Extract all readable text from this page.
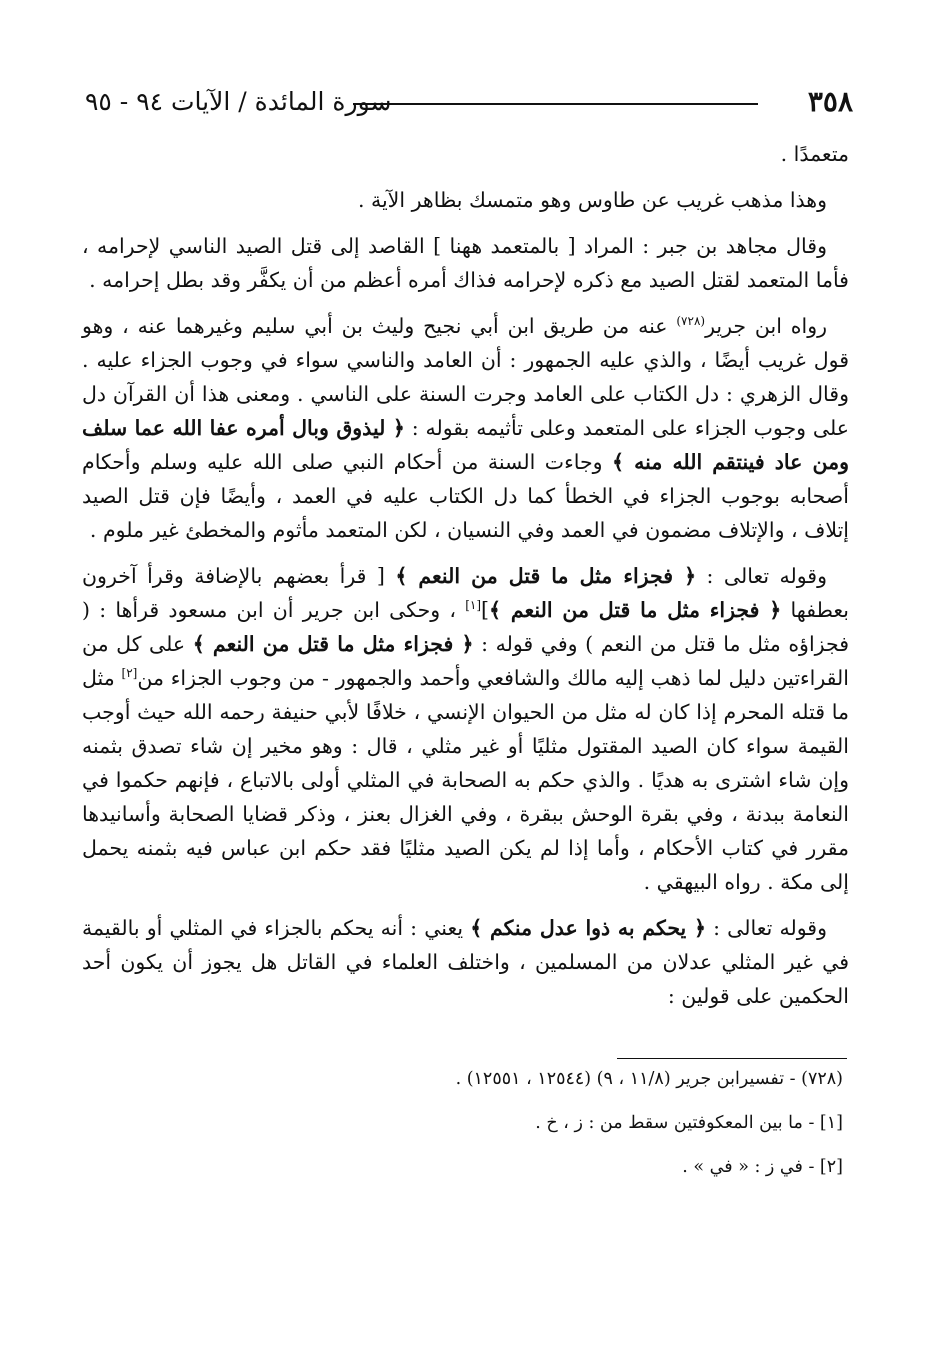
٣٥٨
سورة المائدة / الآيات ٩٤ - ٩٥

متعمدًا .

وهذا مذهب غريب عن طاوس وهو متمسك بظاهر الآية .

وقال مجاهد بن جبر : المراد [ بالمتعمد ههنا ] القاصد إلى قتل الصيد الناسي لإحرامه ، فأما المتعمد لقتل الصيد مع ذكره لإحرامه فذاك أمره أعظم من أن يكفَّر وقد بطل إحرامه .

رواه ابن جرير$^{(٧٢٨)}$ عنه من طريق ابن أبي نجيح وليث بن أبي سليم وغيرهما عنه ، وهو قول غريب أيضًا ، والذي عليه الجمهور : أن العامد والناسي سواء في وجوب الجزاء عليه . وقال الزهري : دل الكتاب على العامد وجرت السنة على الناسي . ومعنى هذا أن القرآن دل على وجوب الجزاء على المتعمد وعلى تأثيمه بقوله : ﴿ ليذوق وبال أمره عفا الله عما سلف ومن عاد فينتقم الله منه ﴾ وجاءت السنة من أحكام النبي صلى الله عليه وسلم وأحكام أصحابه بوجوب الجزاء في الخطأ كما دل الكتاب عليه في العمد ، وأيضًا فإن قتل الصيد إتلاف ، والإتلاف مضمون في العمد وفي النسيان ، لكن المتعمد مأثوم والمخطئ غير ملوم .

وقوله تعالى : ﴿ فجزاء مثل ما قتل من النعم ﴾ [ قرأ بعضهم بالإضافة وقرأ آخرون بعطفها ﴿ فجزاء مثل ما قتل من النعم ﴾][١] ، وحكى ابن جرير أن ابن مسعود قرأها : ( فجزاؤه مثل ما قتل من النعم ) وفي قوله : ﴿ فجزاء مثل ما قتل من النعم ﴾ على كل من القراءتين دليل لما ذهب إليه مالك والشافعي وأحمد والجمهور - من وجوب الجزاء من[٢] مثل ما قتله المحرم إذا كان له مثل من الحيوان الإنسي ، خلافًا لأبي حنيفة رحمه الله حيث أوجب القيمة سواء كان الصيد المقتول مثليًا أو غير مثلي ، قال : وهو مخير إن شاء تصدق بثمنه وإن شاء اشترى به هديًا . والذي حكم به الصحابة في المثلي أولى بالاتباع ، فإنهم حكموا في النعامة ببدنة ، وفي بقرة الوحش ببقرة ، وفي الغزال بعنز ، وذكر قضايا الصحابة وأسانيدها مقرر في كتاب الأحكام ، وأما إذا لم يكن الصيد مثليًا فقد حكم ابن عباس فيه بثمنه يحمل إلى مكة . رواه البيهقي .

وقوله تعالى : ﴿ يحكم به ذوا عدل منكم ﴾ يعني : أنه يحكم بالجزاء في المثلي أو بالقيمة في غير المثلي عدلان من المسلمين ، واختلف العلماء في القاتل هل يجوز أن يكون أحد الحكمين على قولين :

(٧٢٨) - تفسيرابن جرير (١١/٨ ، ٩) (١٢٥٤٤ ، ١٢٥٥١) .
[١] - ما بين المعكوفتين سقط من : ز ، خ .
[٢] - في ز : « في » .
